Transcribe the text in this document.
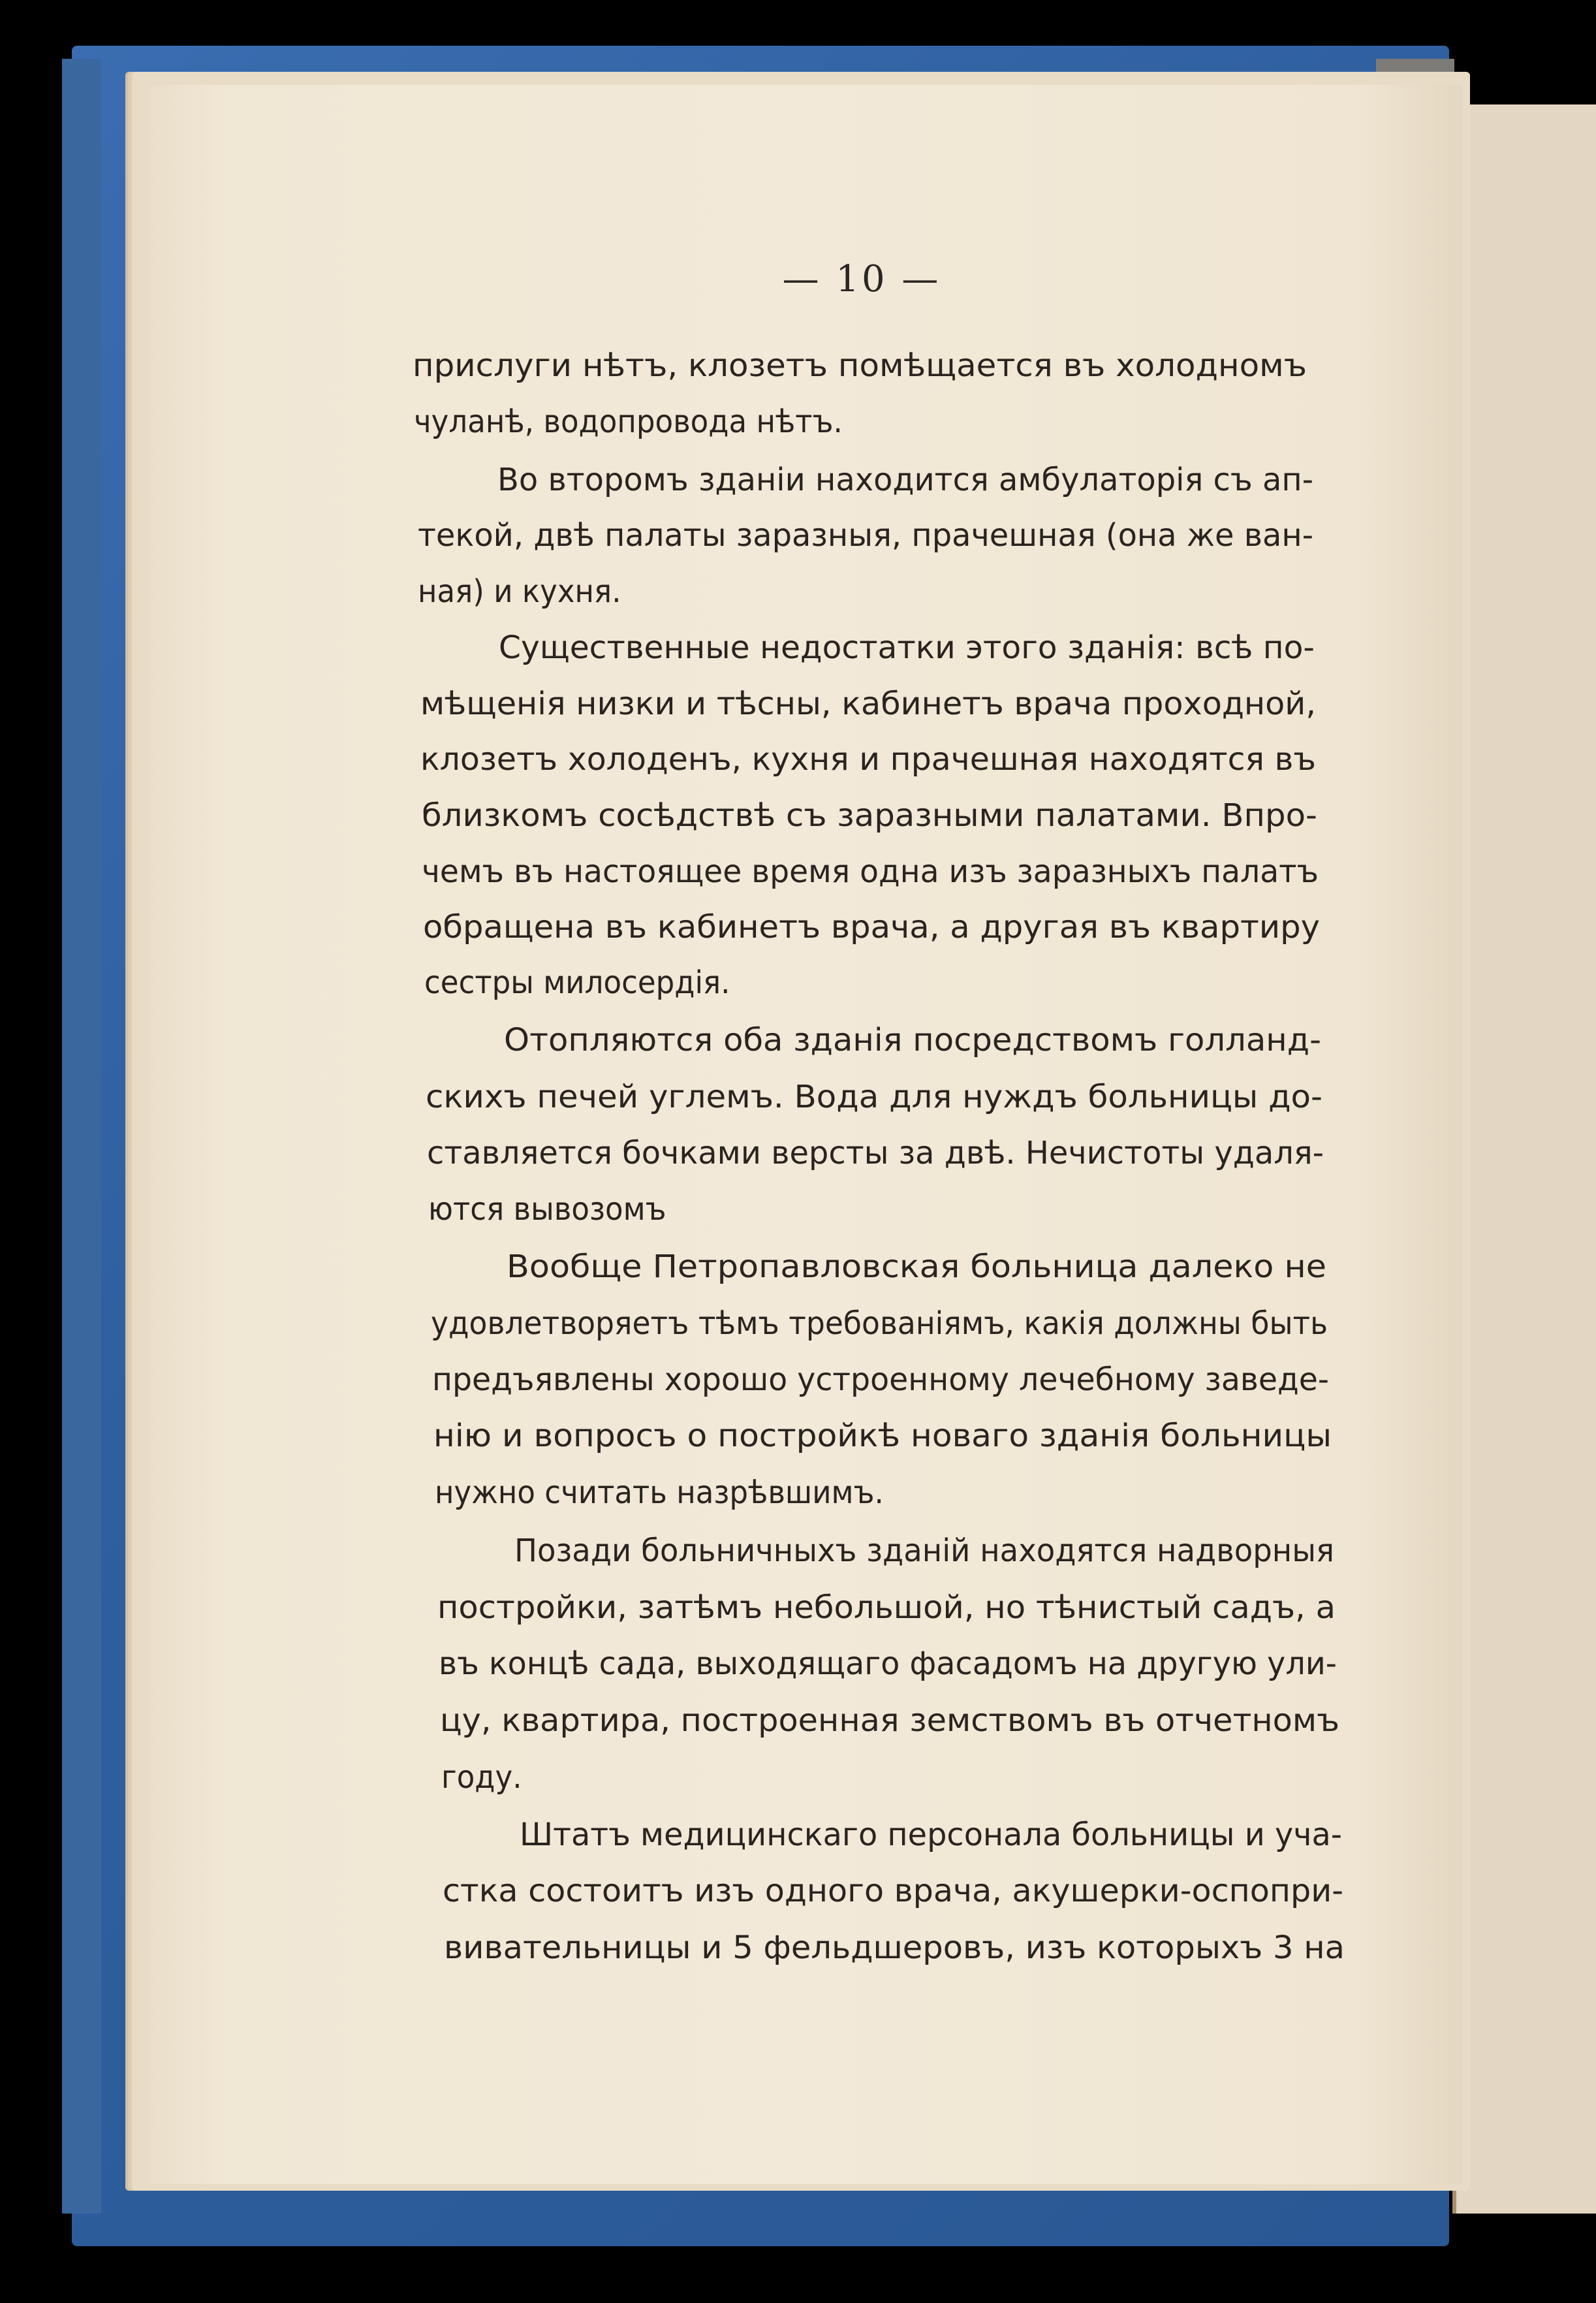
— 10 —
прислуги нѣтъ, клозетъ помѣщается въ холодномъ
чуланѣ, водопровода нѣтъ.
Во второмъ зданіи находится амбулаторія съ ап-
текой, двѣ палаты заразныя, прачешная (она же ван-
ная) и кухня.
Существенные недостатки этого зданія: всѣ по-
мѣщенія низки и тѣсны, кабинетъ врача проходной,
клозетъ холоденъ, кухня и прачешная находятся въ
близкомъ сосѣдствѣ съ заразными палатами. Впро-
чемъ въ настоящее время одна изъ заразныхъ палатъ
обращена въ кабинетъ врача, а другая въ квартиру
сестры милосердія.
Отопляются оба зданія посредствомъ голланд-
скихъ печей углемъ. Вода для нуждъ больницы до-
ставляется бочками версты за двѣ. Нечистоты удаля-
ются вывозомъ
Вообще Петропавловская больница далеко не
удовлетворяетъ тѣмъ требованіямъ, какія должны быть
предъявлены хорошо устроенному лечебному заведе-
нію и вопросъ о постройкѣ новаго зданія больницы
нужно считать назрѣвшимъ.
Позади больничныхъ зданій находятся надворныя
постройки, затѣмъ небольшой, но тѣнистый садъ, а
въ концѣ сада, выходящаго фасадомъ на другую ули-
цу, квартира, построенная земствомъ въ отчетномъ
году.
Штатъ медицинскаго персонала больницы и уча-
стка состоитъ изъ одного врача, акушерки-оспопри-
вивательницы и 5 фельдшеровъ, изъ которыхъ 3 на
